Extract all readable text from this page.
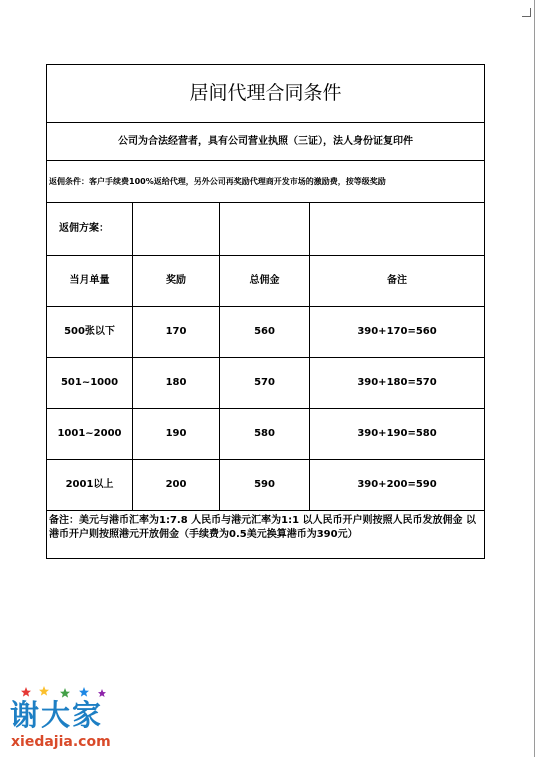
居间代理合同条件			
公司为合法经营者，具有公司营业执照（三证），法人身份证复印件			
返佣条件：客户手续费100%返给代理，另外公司再奖励代理商开发市场的激励费，按等级奖励			
返佣方案：			
当月单量	奖励	总佣金	备注
500张以下	170	560	390+170=560
501~1000	180	570	390+180=570
1001~2000	190	580	390+190=580
2001以上	200	590	390+200=590
备注：美元与港币汇率为1:7.8 人民币与港元汇率为1:1 以人民币开户则按照人民币发放佣金 以港币开户则按照港元开放佣金（手续费为0.5美元换算港币为390元）			
谢大家
xiedajia.com
